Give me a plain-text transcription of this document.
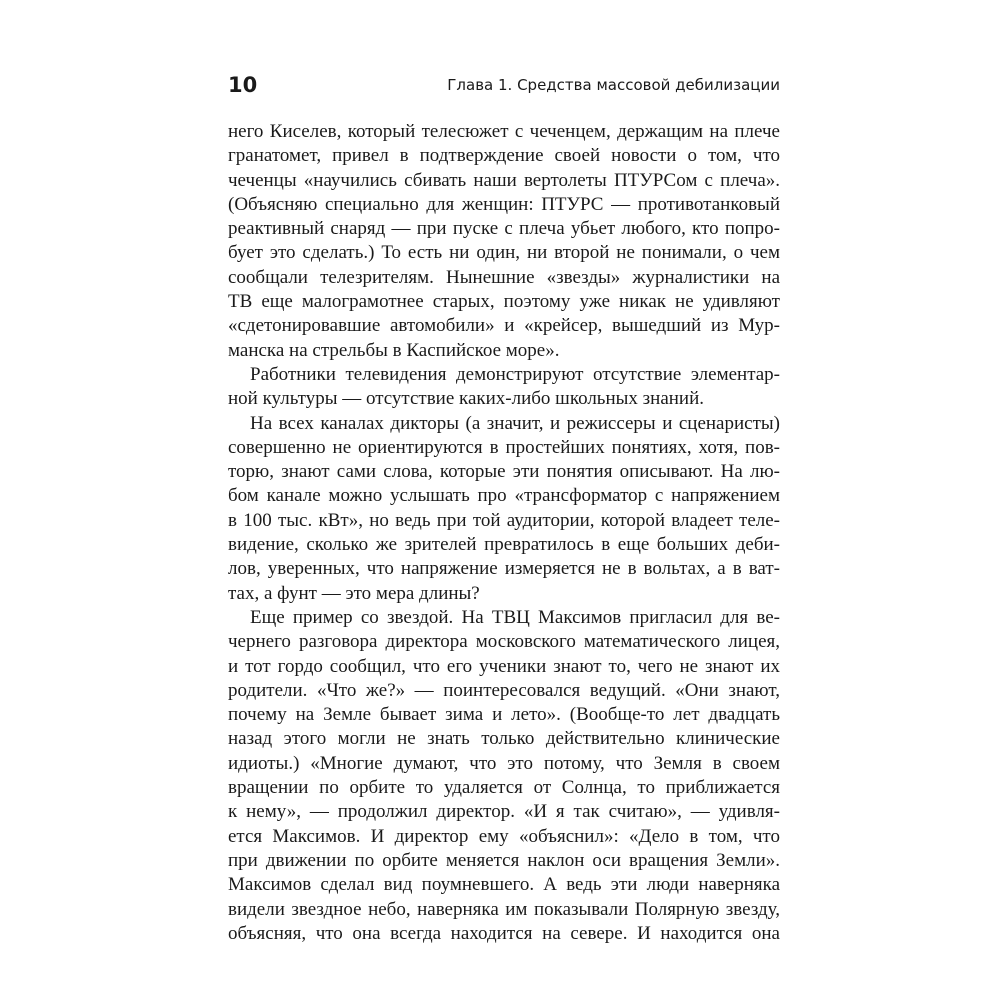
10	Глава 1. Средства массовой дебилизации
него Киселев, который телесюжет с чеченцем, держащим на плече
гранатомет, привел в подтверждение своей новости о том, что
чеченцы «научились сбивать наши вертолеты ПТУРСом с плеча».
(Объясняю специально для женщин: ПТУРС — противотанковый
реактивный снаряд — при пуске с плеча убьет любого, кто попро-
бует это сделать.) То есть ни один, ни второй не понимали, о чем
сообщали телезрителям. Нынешние «звезды» журналистики на
ТВ еще малограмотнее старых, поэтому уже никак не удивляют
«сдетонировавшие автомобили» и «крейсер, вышедший из Мур-
манска на стрельбы в Каспийское море».
Работники телевидения демонстрируют отсутствие элементар-
ной культуры — отсутствие каких-либо школьных знаний.
На всех каналах дикторы (а значит, и режиссеры и сценаристы)
совершенно не ориентируются в простейших понятиях, хотя, пов-
торю, знают сами слова, которые эти понятия описывают. На лю-
бом канале можно услышать про «трансформатор с напряжением
в 100 тыс. кВт», но ведь при той аудитории, которой владеет теле-
видение, сколько же зрителей превратилось в еще больших деби-
лов, уверенных, что напряжение измеряется не в вольтах, а в ват-
тах, а фунт — это мера длины?
Еще пример со звездой. На ТВЦ Максимов пригласил для ве-
чернего разговора директора московского математического лицея,
и тот гордо сообщил, что его ученики знают то, чего не знают их
родители. «Что же?» — поинтересовался ведущий. «Они знают,
почему на Земле бывает зима и лето». (Вообще-то лет двадцать
назад этого могли не знать только действительно клинические
идиоты.) «Многие думают, что это потому, что Земля в своем
вращении по орбите то удаляется от Солнца, то приближается
к нему», — продолжил директор. «И я так считаю», — удивля-
ется Максимов. И директор ему «объяснил»: «Дело в том, что
при движении по орбите меняется наклон оси вращения Земли».
Максимов сделал вид поумневшего. А ведь эти люди наверняка
видели звездное небо, наверняка им показывали Полярную звезду,
объясняя, что она всегда находится на севере. И находится она
